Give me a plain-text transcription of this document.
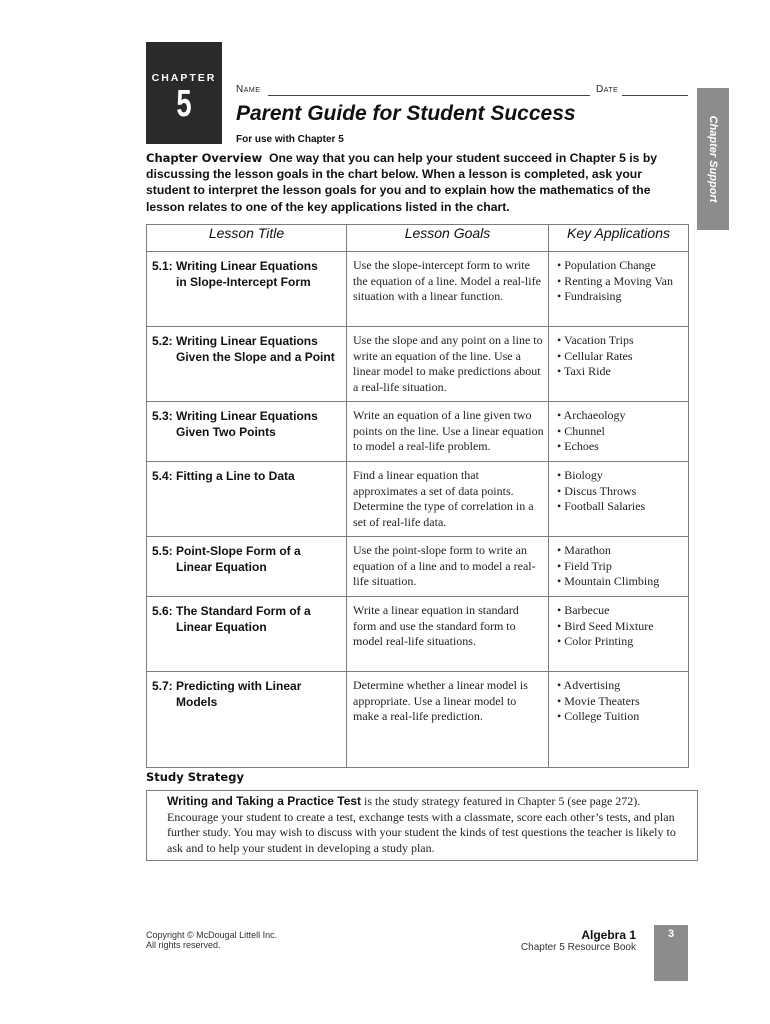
CHAPTER
5	Name	Date
Parent Guide for Student Success
For use with Chapter 5	Chapter Support
Chapter Overview One way that you can help your student succeed in Chapter 5 is by discussing the lesson goals in the chart below. When a lesson is completed, ask your student to interpret the lesson goals for you and to explain how the mathematics of the lesson relates to one of the key applications listed in the chart.
Lesson Title	Lesson Goals	Key Applications

5.1: Writing Linear Equations
in Slope-Intercept Form	Use the slope-intercept form to write the equation of a line. Model a real-life situation with a linear function.	• Population Change
• Renting a Moving Van
• Fundraising

5.2: Writing Linear Equations
Given the Slope and a Point	Use the slope and any point on a line to write an equation of the line. Use a linear model to make predictions about a real-life situation.	• Vacation Trips
• Cellular Rates
• Taxi Ride

5.3: Writing Linear Equations
Given Two Points	Write an equation of a line given two points on the line. Use a linear equation to model a real-life problem.	• Archaeology
• Chunnel
• Echoes

5.4: Fitting a Line to Data	Find a linear equation that approximates a set of data points. Determine the type of correlation in a set of real-life data.	• Biology
• Discus Throws
• Football Salaries

5.5: Point-Slope Form of a
Linear Equation	Use the point-slope form to write an equation of a line and to model a real-life situation.	• Marathon
• Field Trip
• Mountain Climbing

5.6: The Standard Form of a
Linear Equation	Write a linear equation in standard form and use the standard form to model real-life situations.	• Barbecue
• Bird Seed Mixture
• Color Printing

5.7: Predicting with Linear
Models	Determine whether a linear model is appropriate. Use a linear model to make a real-life prediction.	• Advertising
• Movie Theaters
• College Tuition
Study Strategy
Writing and Taking a Practice Test is the study strategy featured in Chapter 5 (see page 272). Encourage your student to create a test, exchange tests with a classmate, score each other’s tests, and plan further study. You may wish to discuss with your student the kinds of test questions the teacher is likely to ask and to help your student in developing a study plan.
Copyright © McDougal Littell Inc.
All rights reserved.
Algebra 1
Chapter 5 Resource Book
3
